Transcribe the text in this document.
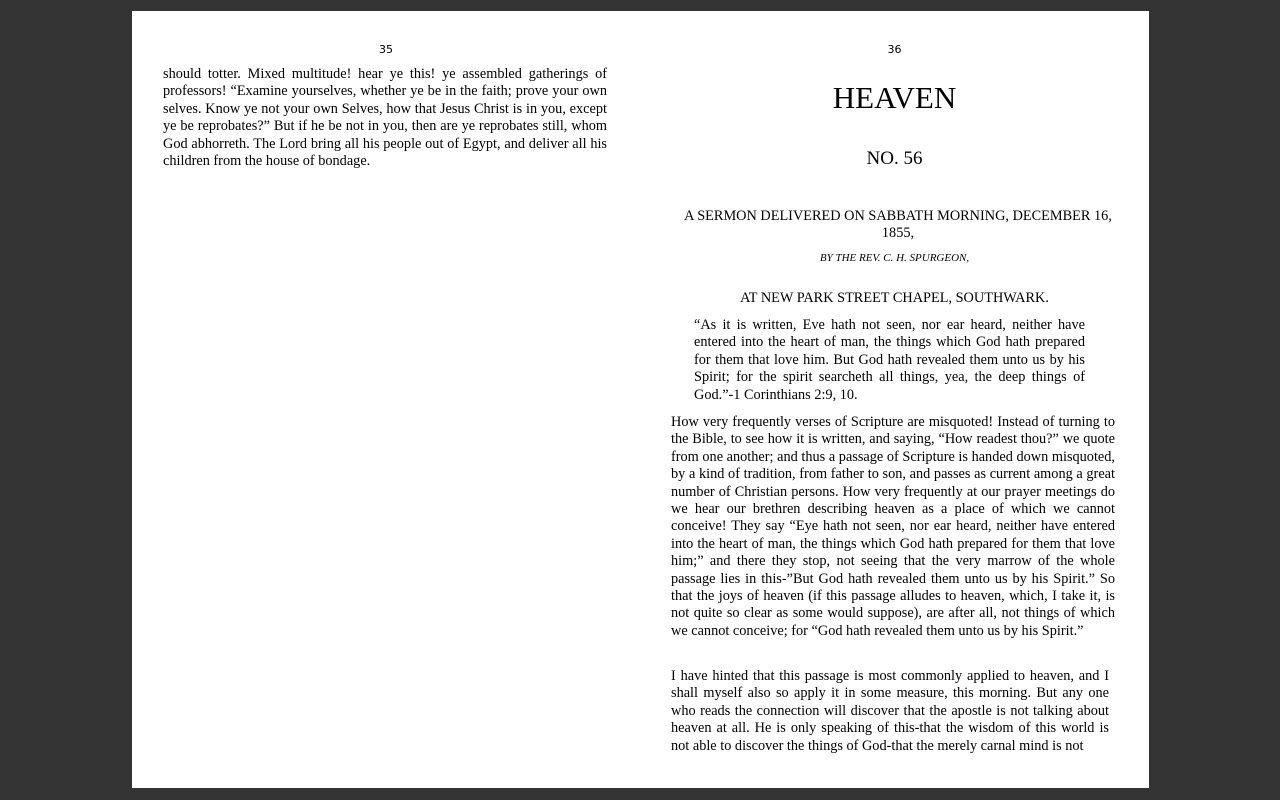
35

should totter. Mixed multitude! hear ye this! ye assembled gatherings of professors! “Examine yourselves, whether ye be in the faith; prove your own selves. Know ye not your own Selves, how that Jesus Christ is in you, except ye be reprobates?” But if he be not in you, then are ye reprobates still, whom God abhorreth. The Lord bring all his people out of Egypt, and deliver all his children from the house of bondage.

36
HEAVEN
NO. 56
A SERMON DELIVERED ON SABBATH MORNING, DECEMBER 16, 1855,
BY THE REV. C. H. SPURGEON,
AT NEW PARK STREET CHAPEL, SOUTHWARK.

“As it is written, Eve hath not seen, nor ear heard, neither have entered into the heart of man, the things which God hath prepared for them that love him. But God hath revealed them unto us by his Spirit; for the spirit searcheth all things, yea, the deep things of God.”-1 Corinthians 2:9, 10.

How very frequently verses of Scripture are misquoted! Instead of turning to the Bible, to see how it is written, and saying, “How readest thou?” we quote from one another; and thus a passage of Scripture is handed down misquoted, by a kind of tradition, from father to son, and passes as current among a great number of Christian persons. How very frequently at our prayer meetings do we hear our brethren describing heaven as a place of which we cannot conceive! They say “Eye hath not seen, nor ear heard, neither have entered into the heart of man, the things which God hath prepared for them that love him;” and there they stop, not seeing that the very marrow of the whole passage lies in this-”But God hath revealed them unto us by his Spirit.” So that the joys of heaven (if this passage alludes to heaven, which, I take it, is not quite so clear as some would suppose), are after all, not things of which we cannot conceive; for “God hath revealed them unto us by his Spirit.”

I have hinted that this passage is most commonly applied to heaven, and I shall myself also so apply it in some measure, this morning. But any one who reads the connection will discover that the apostle is not talking about heaven at all. He is only speaking of this-that the wisdom of this world is not able to discover the things of God-that the merely carnal mind is not
